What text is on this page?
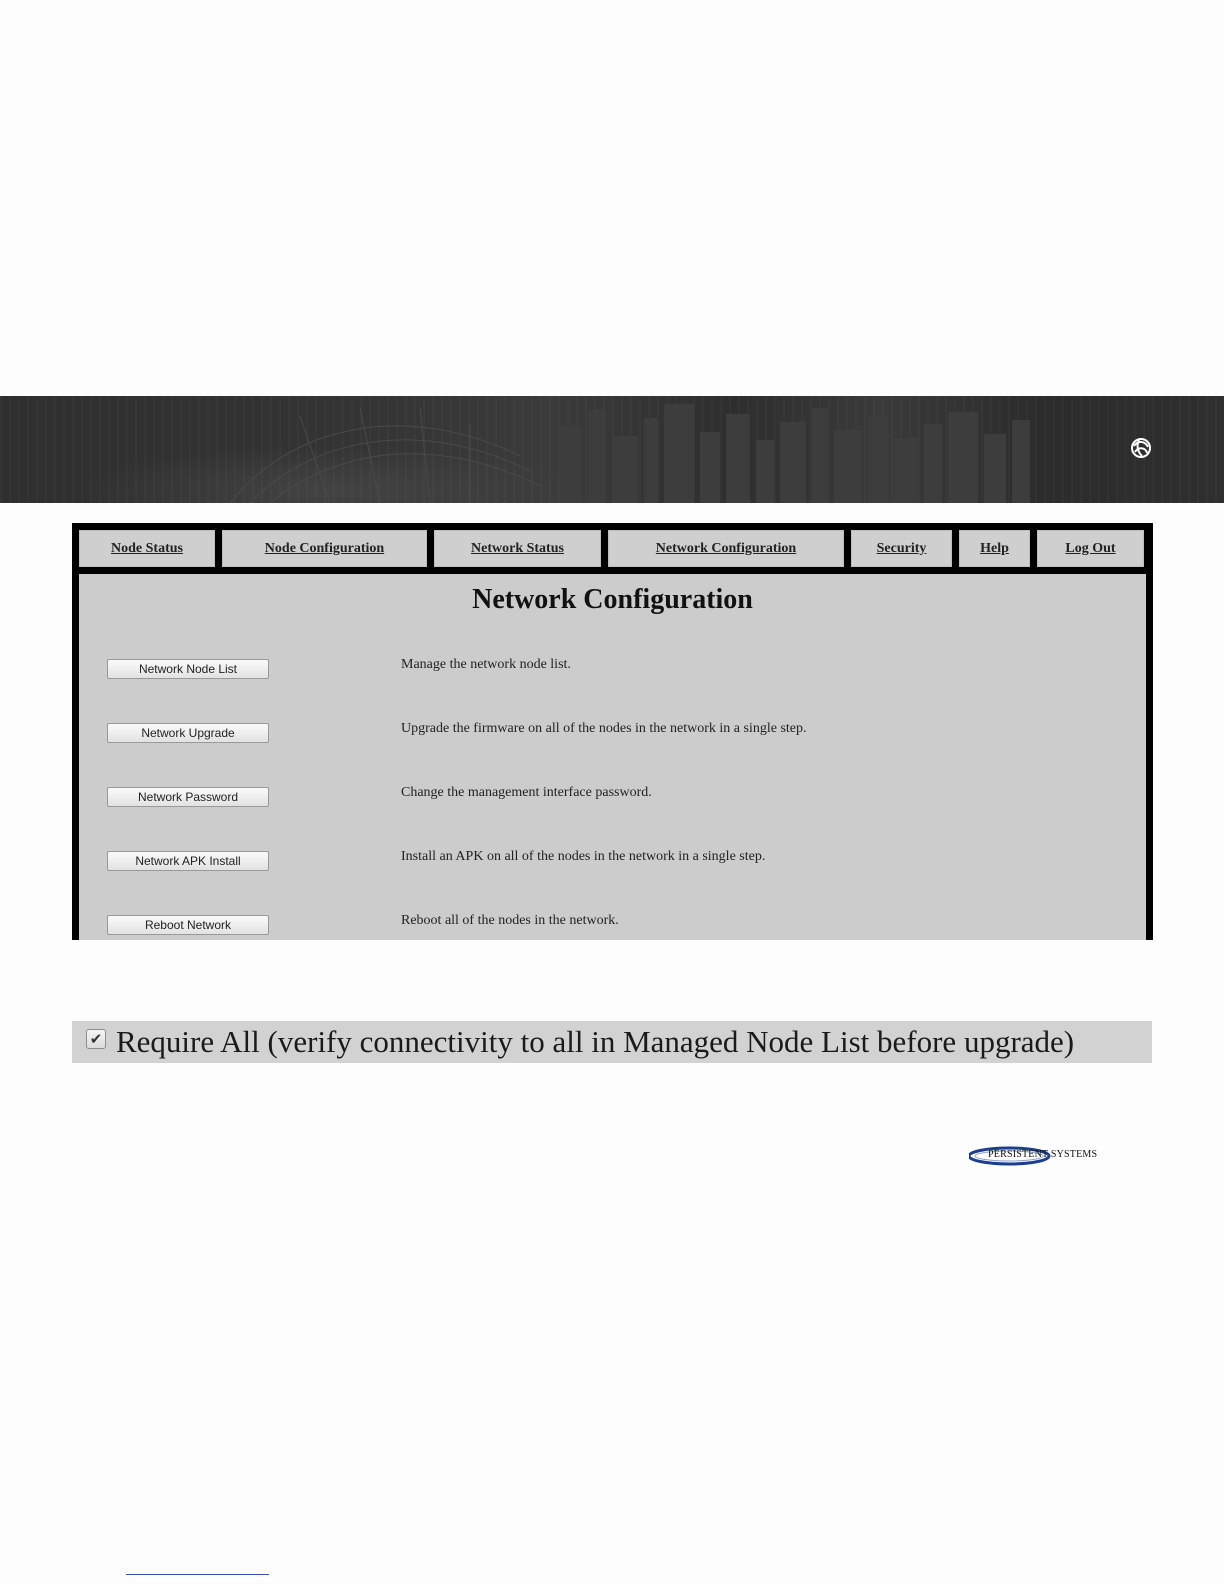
Node Status	Node Configuration	Network Status	Network Configuration	Security	Help	Log Out
Network Configuration
Network Node List	Manage the network node list.
Network Upgrade	Upgrade the firmware on all of the nodes in the network in a single step.
Network Password	Change the management interface password.
Network APK Install	Install an APK on all of the nodes in the network in a single step.
Reboot Network	Reboot all of the nodes in the network.
✔ Require All (verify connectivity to all in Managed Node List before upgrade)
PERSISTENT SYSTEMS
